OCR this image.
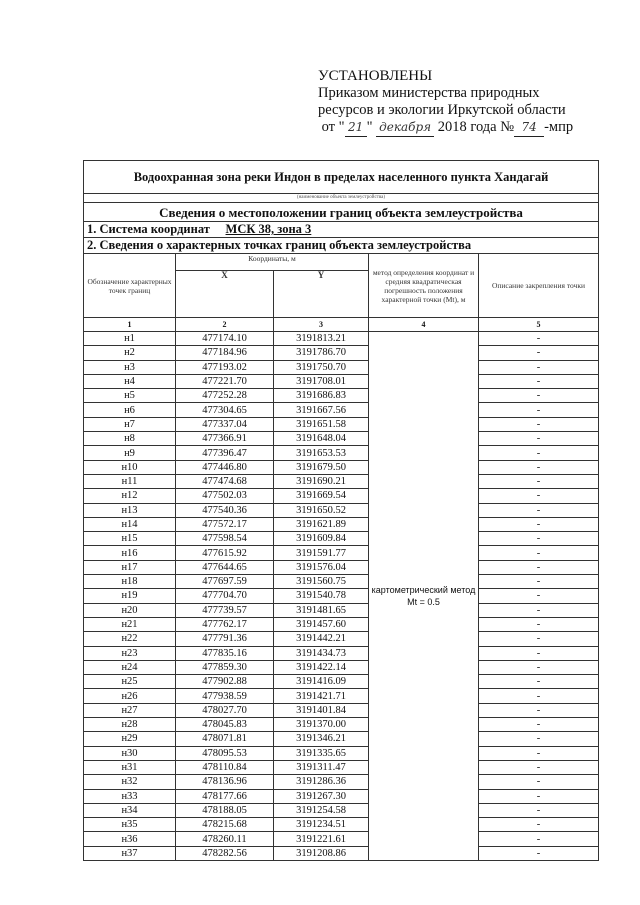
УСТАНОВЛЕНЫ
Приказом министерства природных
ресурсов и экологии Иркутской области
от " 21 " декабря 2018 года № 74 -мпр
Водоохранная зона реки Индон в пределах населенного пункта Хандагай				
(наименование объекта землеустройства)				
Сведения о местоположении границ объекта землеустройства				
1. Система координат МСК 38, зона 3				
2. Сведения о характерных точках границ объекта землеустройства				
Обозначение характерных точек границ	Координаты, м		метод определения координат и средняя квадратическая погрешность положения характерной точки (Mt), м	Описание закрепления точки
	X	Y		
1	2	3	4	5
н1	477174.10	3191813.21	картометрический метод Mt = 0.5	-
н2	477184.96	3191786.70		-
н3	477193.02	3191750.70		-
н4	477221.70	3191708.01		-
н5	477252.28	3191686.83		-
н6	477304.65	3191667.56		-
н7	477337.04	3191651.58		-
н8	477366.91	3191648.04		-
н9	477396.47	3191653.53		-
н10	477446.80	3191679.50		-
н11	477474.68	3191690.21		-
н12	477502.03	3191669.54		-
н13	477540.36	3191650.52		-
н14	477572.17	3191621.89		-
н15	477598.54	3191609.84		-
н16	477615.92	3191591.77		-
н17	477644.65	3191576.04		-
н18	477697.59	3191560.75		-
н19	477704.70	3191540.78		-
н20	477739.57	3191481.65		-
н21	477762.17	3191457.60		-
н22	477791.36	3191442.21		-
н23	477835.16	3191434.73		-
н24	477859.30	3191422.14		-
н25	477902.88	3191416.09		-
н26	477938.59	3191421.71		-
н27	478027.70	3191401.84		-
н28	478045.83	3191370.00		-
н29	478071.81	3191346.21		-
н30	478095.53	3191335.65		-
н31	478110.84	3191311.47		-
н32	478136.96	3191286.36		-
н33	478177.66	3191267.30		-
н34	478188.05	3191254.58		-
н35	478215.68	3191234.51		-
н36	478260.11	3191221.61		-
н37	478282.56	3191208.86		-
